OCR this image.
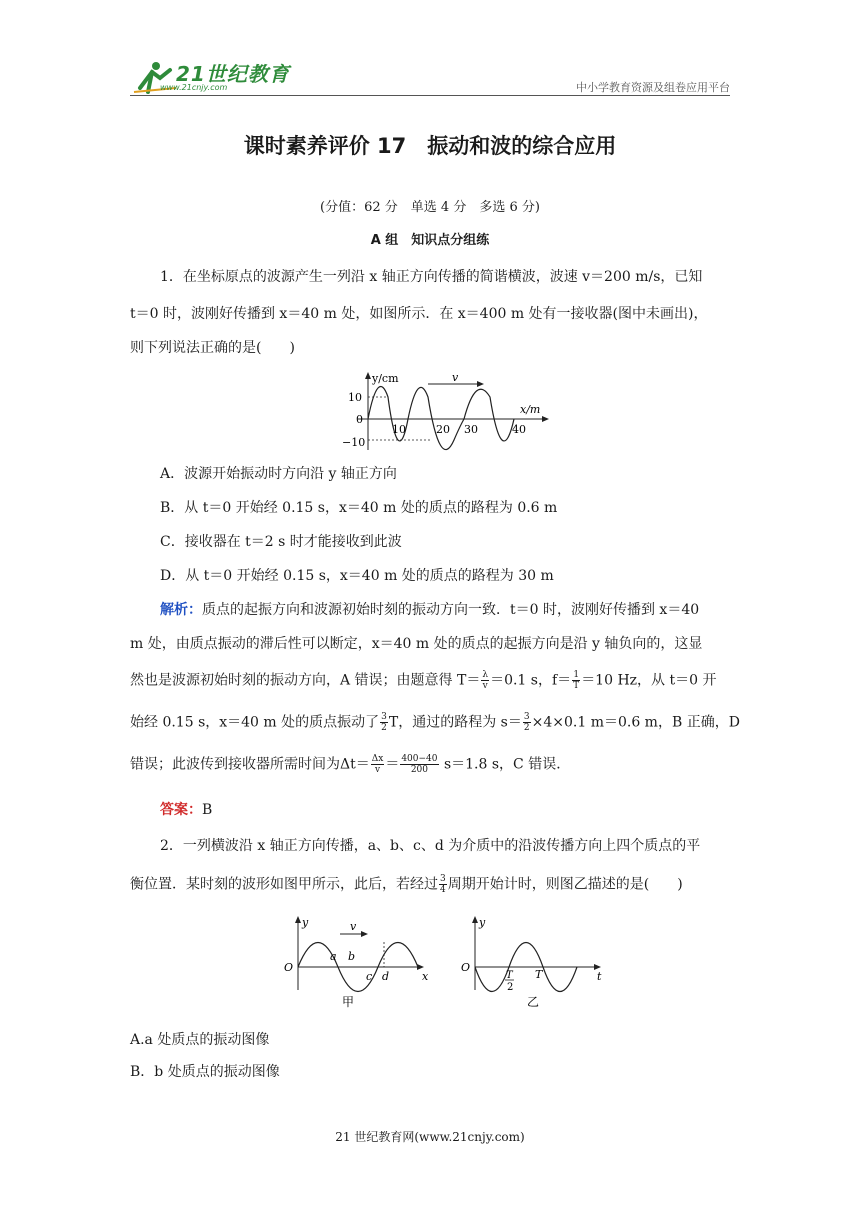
21世纪教育
www.21cnjy.com	中小学教育资源及组卷应用平台
课时素养评价 17　振动和波的综合应用
(分值：62 分　单选 4 分　多选 6 分)
A 组　知识点分组练
1．在坐标原点的波源产生一列沿 x 轴正方向传播的简谐横波，波速 v＝200 m/s，已知
t＝0 时，波刚好传播到 x＝40 m 处，如图所示．在 x＝400 m 处有一接收器(图中未画出)，
则下列说法正确的是(　　)
y/cm	v
x/m
10
0
−10
10	20 30	40
A．波源开始振动时方向沿 y 轴正方向
B．从 t＝0 开始经 0.15 s，x＝40 m 处的质点的路程为 0.6 m
C．接收器在 t＝2 s 时才能接收到此波
D．从 t＝0 开始经 0.15 s，x＝40 m 处的质点的路程为 30 m
解析：质点的起振方向和波源初始时刻的振动方向一致．t＝0 时，波刚好传播到 x＝40
m 处，由质点振动的滞后性可以断定，x＝40 m 处的质点的起振方向是沿 y 轴负向的，这显
然也是波源初始时刻的振动方向，A 错误；由题意得 $T= \frac{\lambda}{v} =0.1$ s，$f= \frac{1}{T} =10$ Hz，从 t＝0 开
始经 0.15 s，x＝40 m 处的质点振动了 $\frac{3}{2}$ T，通过的路程为 $s= \frac{3}{2} \times 4\times 0.1$ m＝0.6 m，B 正确，D
错误；此波传到接收器所需时间为$\Delta t= \frac{\Delta x}{v} = \frac{400-40}{200} s=1.8$ s，C 错误．
答案：B
2．一列横波沿 x 轴正方向传播，a、b、c、d 为介质中的沿波传播方向上四个质点的平
衡位置．某时刻的波形如图甲所示，此后，若经过 $\frac{3}{4}$ 周期开始计时，则图乙描述的是(　　)
y	v
O
a b
c d	x
甲
y
O
T
2
T	t
乙
A.a 处质点的振动图像
B．b 处质点的振动图像
21 世纪教育网(www.21cnjy.com)
